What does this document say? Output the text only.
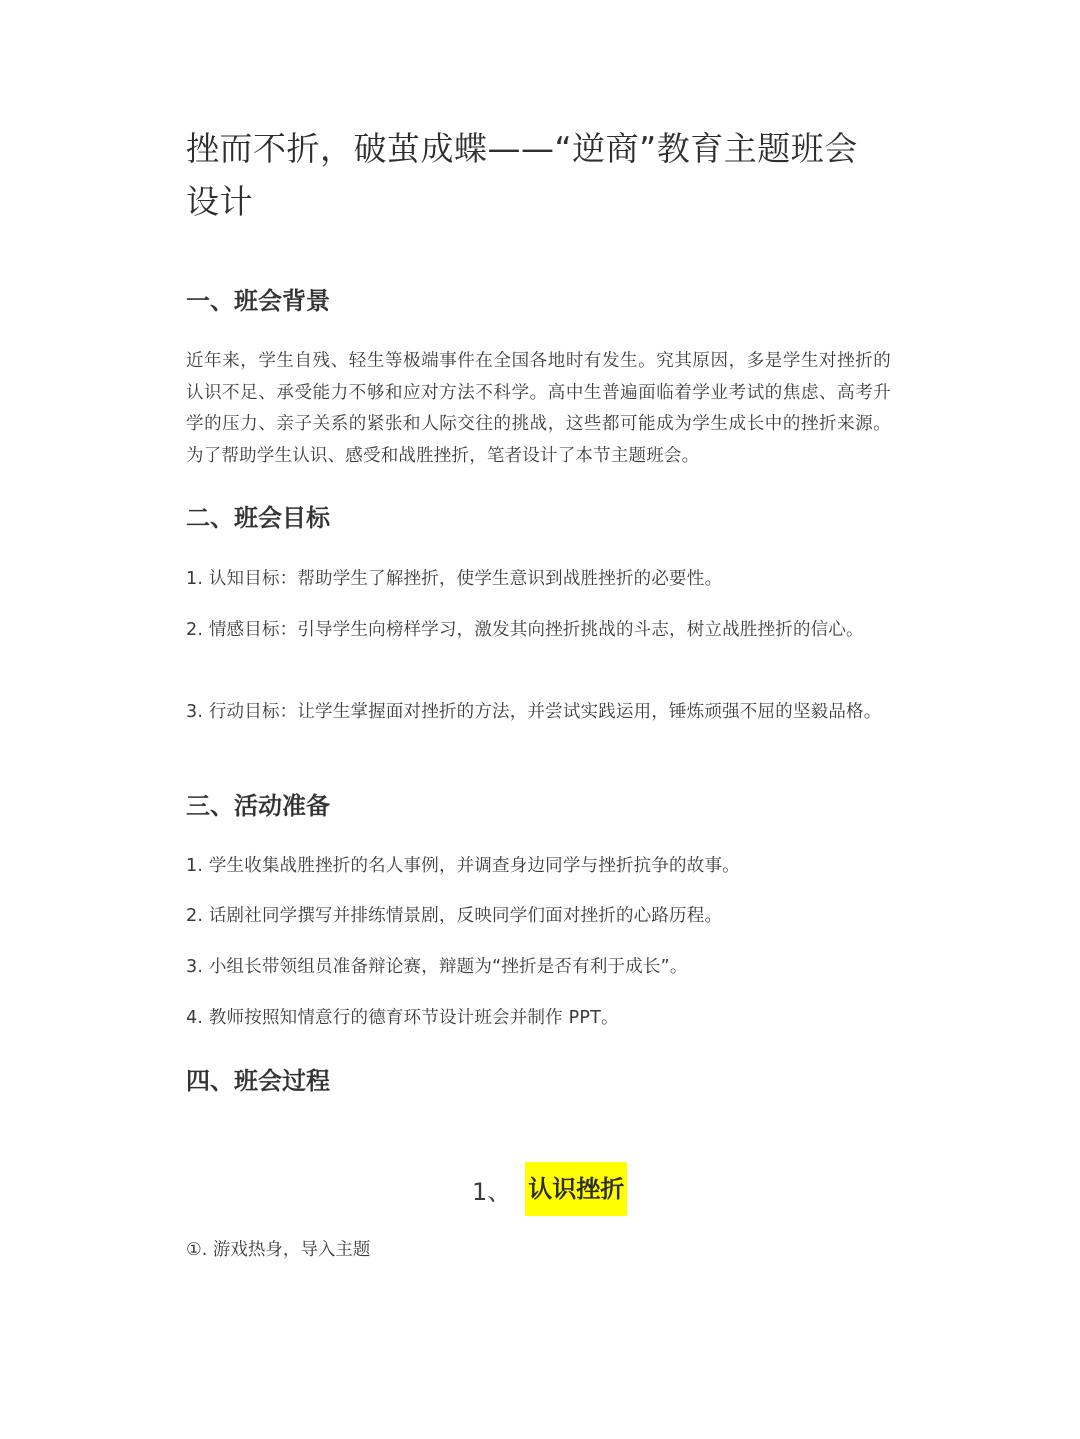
挫而不折，破茧成蝶——“逆商”教育主题班会设计
一、班会背景

近年来，学生自残、轻生等极端事件在全国各地时有发生。究其原因，多是学生对挫折的认识不足、承受能力不够和应对方法不科学。高中生普遍面临着学业考试的焦虑、高考升学的压力、亲子关系的紧张和人际交往的挑战，这些都可能成为学生成长中的挫折来源。为了帮助学生认识、感受和战胜挫折，笔者设计了本节主题班会。

二、班会目标

1. 认知目标：帮助学生了解挫折，使学生意识到战胜挫折的必要性。

2. 情感目标：引导学生向榜样学习，激发其向挫折挑战的斗志，树立战胜挫折的信心。

3. 行动目标：让学生掌握面对挫折的方法，并尝试实践运用，锤炼顽强不屈的坚毅品格。

三、活动准备

1. 学生收集战胜挫折的名人事例，并调查身边同学与挫折抗争的故事。

2. 话剧社同学撰写并排练情景剧，反映同学们面对挫折的心路历程。

3. 小组长带领组员准备辩论赛，辩题为“挫折是否有利于成长”。

4. 教师按照知情意行的德育环节设计班会并制作 PPT。

四、班会过程
1、 认识挫折
①. 游戏热身，导入主题
